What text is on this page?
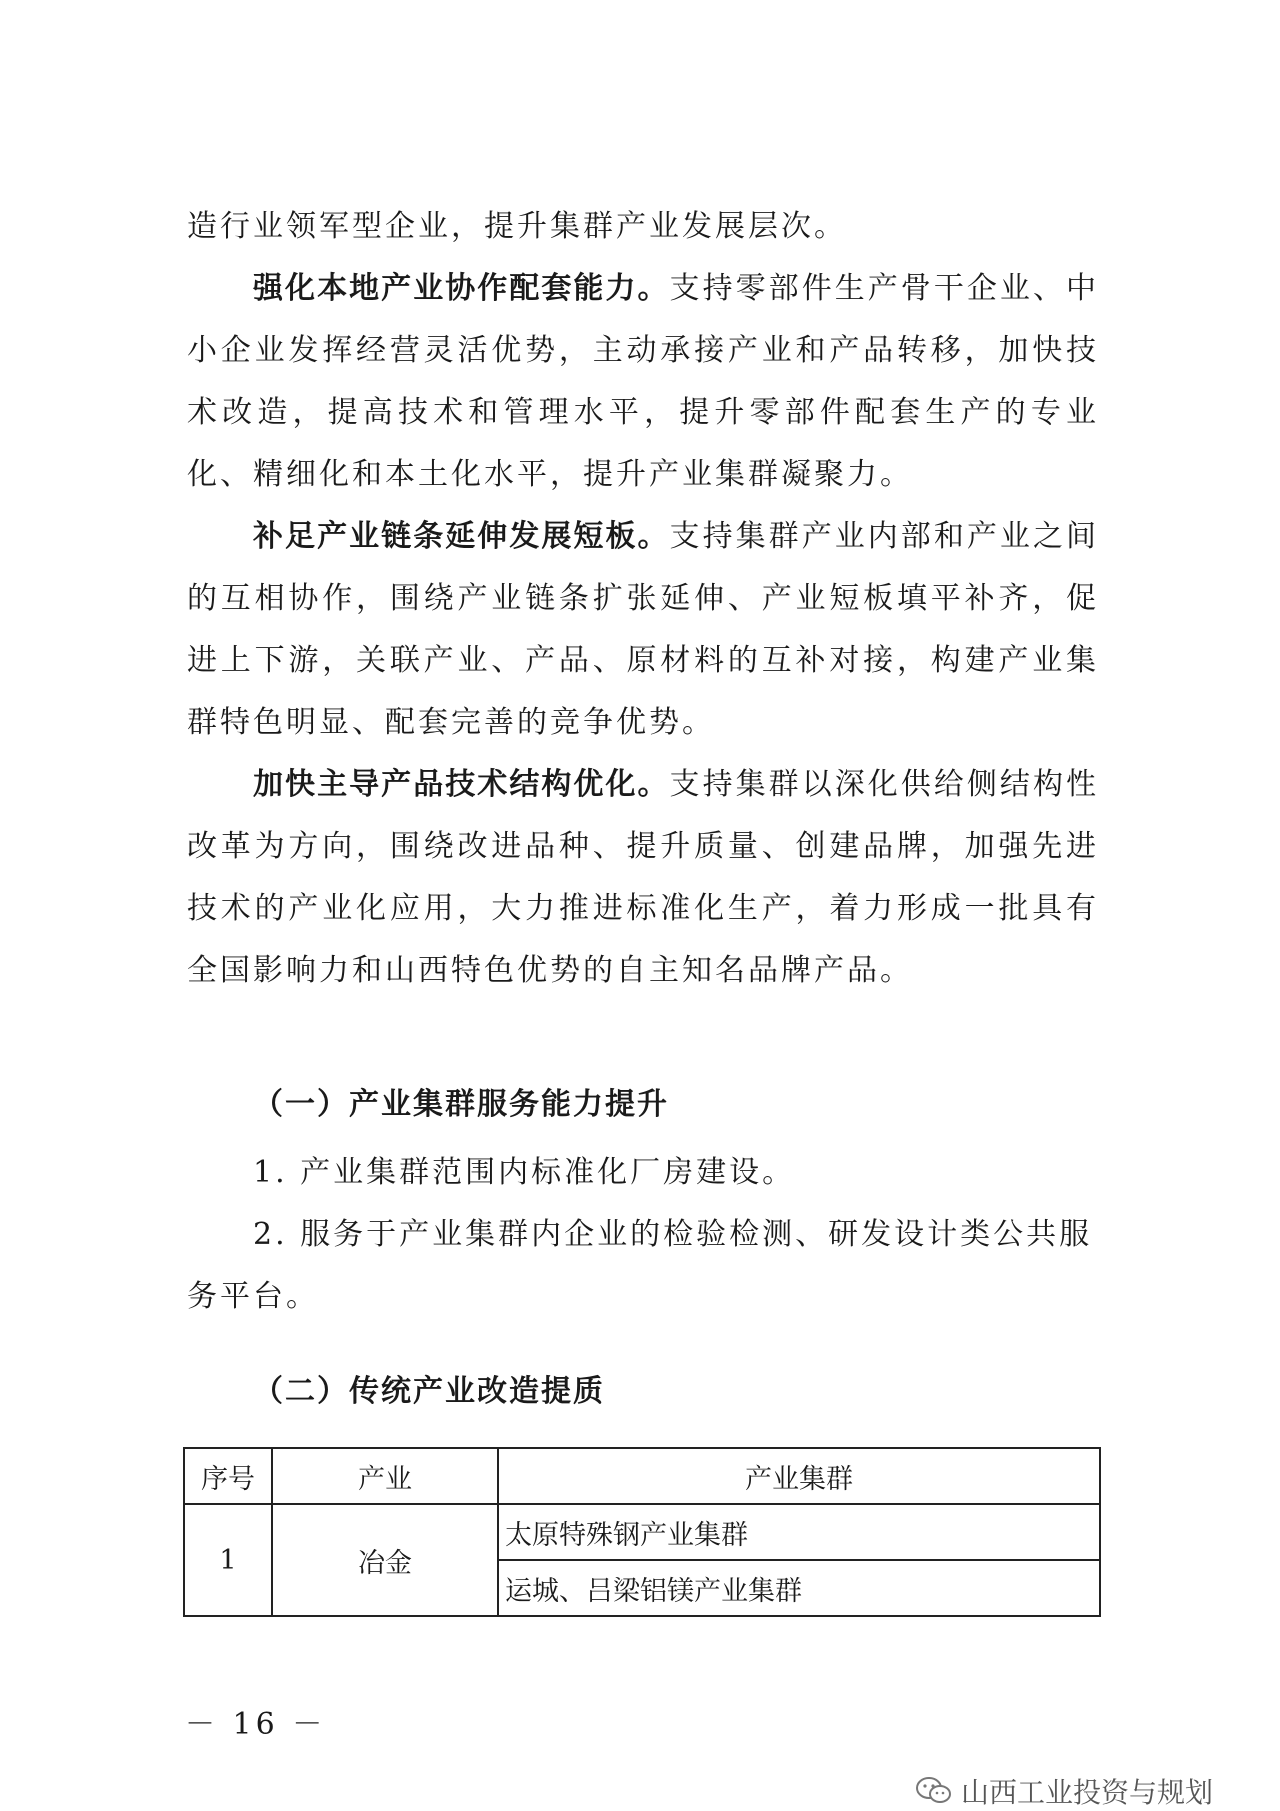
造行业领军型企业，提升集群产业发展层次。

强化本地产业协作配套能力。支持零部件生产骨干企业、中小企业发挥经营灵活优势，主动承接产业和产品转移，加快技术改造，提高技术和管理水平，提升零部件配套生产的专业化、精细化和本土化水平，提升产业集群凝聚力。

补足产业链条延伸发展短板。支持集群产业内部和产业之间的互相协作，围绕产业链条扩张延伸、产业短板填平补齐，促进上下游，关联产业、产品、原材料的互补对接，构建产业集群特色明显、配套完善的竞争优势。

加快主导产品技术结构优化。支持集群以深化供给侧结构性改革为方向，围绕改进品种、提升质量、创建品牌，加强先进技术的产业化应用，大力推进标准化生产，着力形成一批具有全国影响力和山西特色优势的自主知名品牌产品。

（一）产业集群服务能力提升

1. 产业集群范围内标准化厂房建设。

2. 服务于产业集群内企业的检验检测、研发设计类公共服务平台。

（二）传统产业改造提质
序号	产业	产业集群
1	冶金	太原特殊钢产业集群
		运城、吕梁铝镁产业集群
－ 16 －
山西工业投资与规划
